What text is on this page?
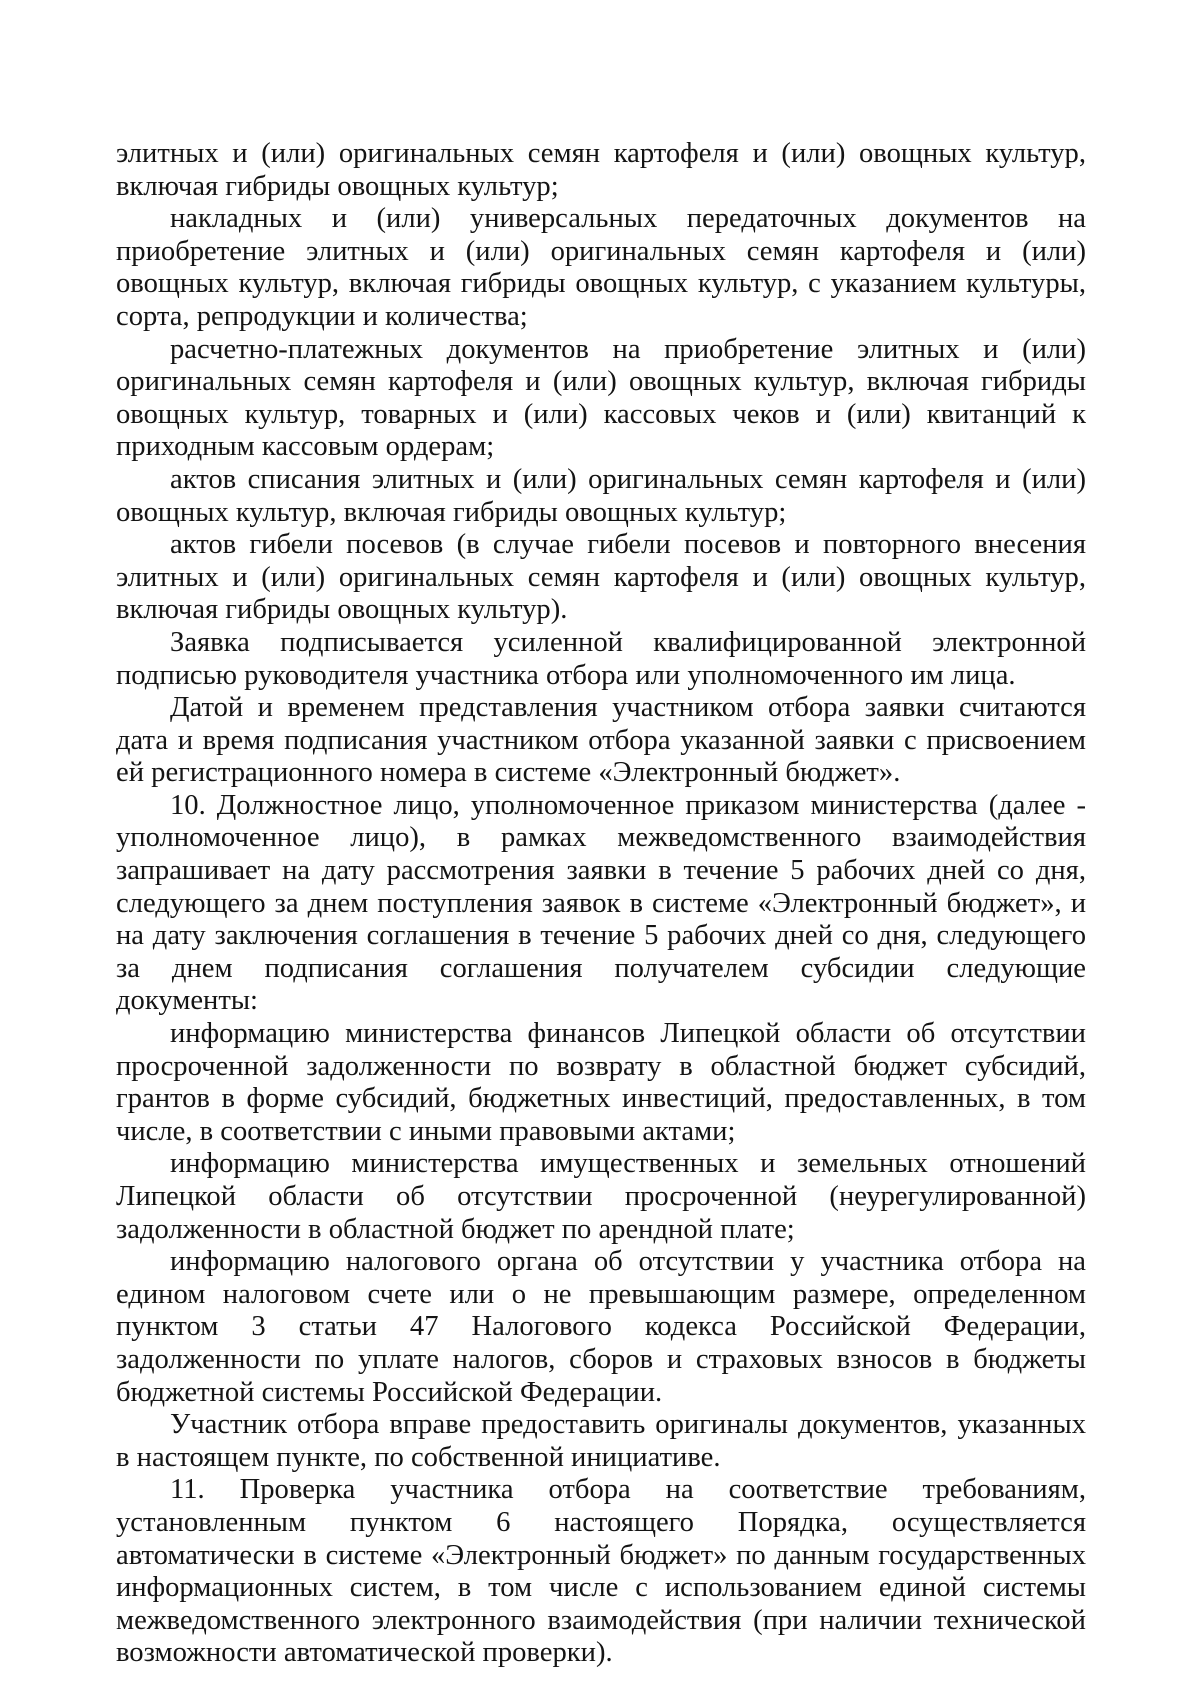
элитных и (или) оригинальных семян картофеля и (или) овощных культур, включая гибриды овощных культур;

накладных и (или) универсальных передаточных документов на приобретение элитных и (или) оригинальных семян картофеля и (или) овощных культур, включая гибриды овощных культур, с указанием культуры, сорта, репродукции и количества;

расчетно-платежных документов на приобретение элитных и (или) оригинальных семян картофеля и (или) овощных культур, включая гибриды овощных культур, товарных и (или) кассовых чеков и (или) квитанций к приходным кассовым ордерам;

актов списания элитных и (или) оригинальных семян картофеля и (или) овощных культур, включая гибриды овощных культур;

актов гибели посевов (в случае гибели посевов и повторного внесения элитных и (или) оригинальных семян картофеля и (или) овощных культур, включая гибриды овощных культур).

Заявка подписывается усиленной квалифицированной электронной подписью руководителя участника отбора или уполномоченного им лица.

Датой и временем представления участником отбора заявки считаются дата и время подписания участником отбора указанной заявки с присвоением ей регистрационного номера в системе «Электронный бюджет».

10. Должностное лицо, уполномоченное приказом министерства (далее - уполномоченное лицо), в рамках межведомственного взаимодействия запрашивает на дату рассмотрения заявки в течение 5 рабочих дней со дня, следующего за днем поступления заявок в системе «Электронный бюджет», и на дату заключения соглашения в течение 5 рабочих дней со дня, следующего за днем подписания соглашения получателем субсидии следующие документы:

информацию министерства финансов Липецкой области об отсутствии просроченной задолженности по возврату в областной бюджет субсидий, грантов в форме субсидий, бюджетных инвестиций, предоставленных, в том числе, в соответствии с иными правовыми актами;

информацию министерства имущественных и земельных отношений Липецкой области об отсутствии просроченной (неурегулированной) задолженности в областной бюджет по арендной плате;

информацию налогового органа об отсутствии у участника отбора на едином налоговом счете или о не превышающим размере, определенном пунктом 3 статьи 47 Налогового кодекса Российской Федерации, задолженности по уплате налогов, сборов и страховых взносов в бюджеты бюджетной системы Российской Федерации.

Участник отбора вправе предоставить оригиналы документов, указанных в настоящем пункте, по собственной инициативе.

11. Проверка участника отбора на соответствие требованиям, установленным пунктом 6 настоящего Порядка, осуществляется автоматически в системе «Электронный бюджет» по данным государственных информационных систем, в том числе с использованием единой системы межведомственного электронного взаимодействия (при наличии технической возможности автоматической проверки).
